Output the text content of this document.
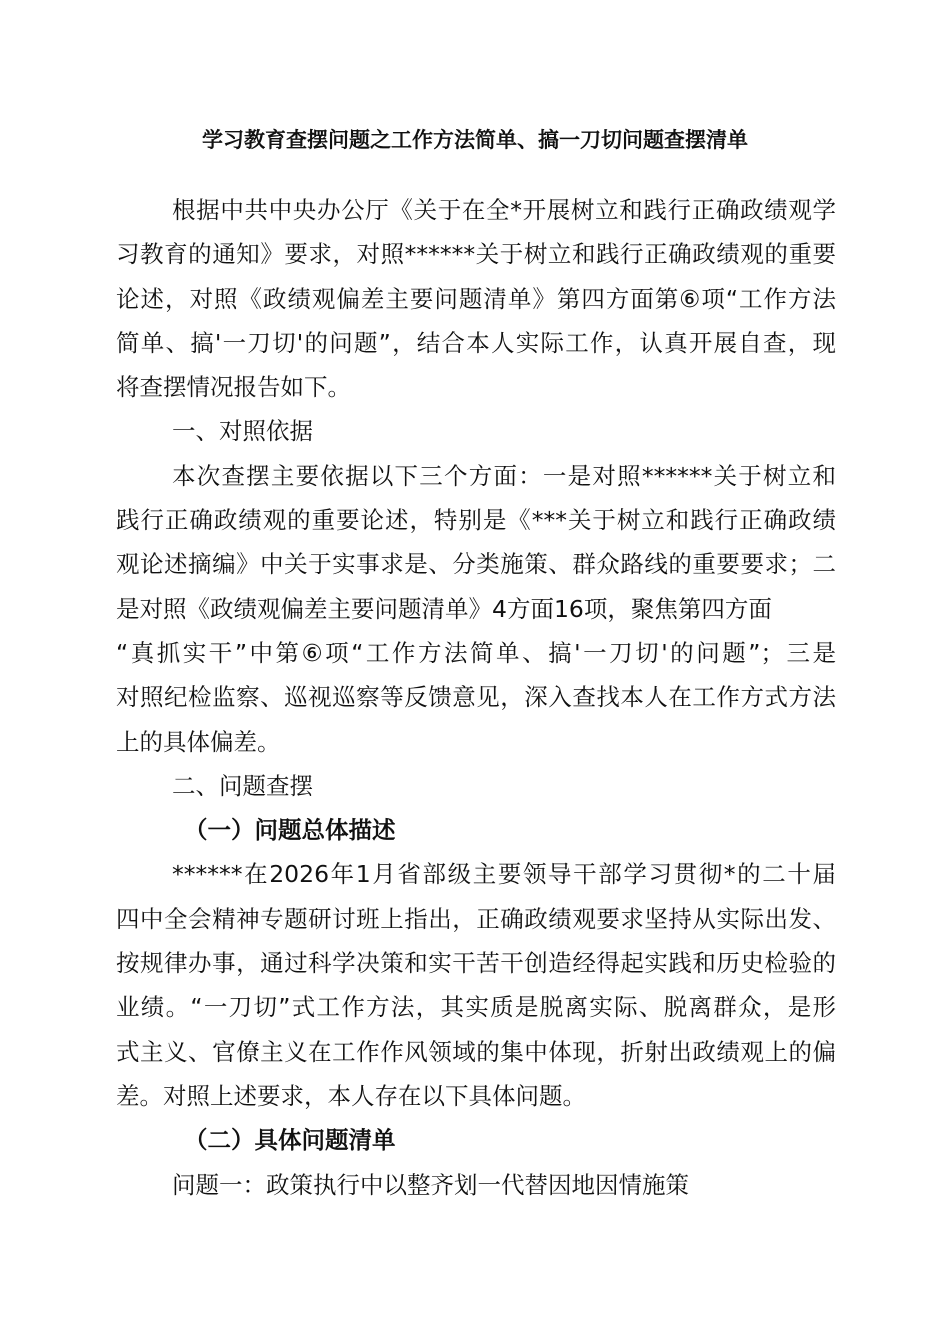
学习教育查摆问题之工作方法简单、搞一刀切问题查摆清单
根据中共中央办公厅《关于在全*开展树立和践行正确政绩观学
习教育的通知》要求，对照******关于树立和践行正确政绩观的重要
论述，对照《政绩观偏差主要问题清单》第四方面第⑥项“工作方法
简单、搞'一刀切'的问题”，结合本人实际工作，认真开展自查，现
将查摆情况报告如下。
一、对照依据
本次查摆主要依据以下三个方面：一是对照******关于树立和
践行正确政绩观的重要论述，特别是《***关于树立和践行正确政绩
观论述摘编》中关于实事求是、分类施策、群众路线的重要要求；二
是对照《政绩观偏差主要问题清单》4方面16项，聚焦第四方面
“真抓实干”中第⑥项“工作方法简单、搞'一刀切'的问题”；三是
对照纪检监察、巡视巡察等反馈意见，深入查找本人在工作方式方法
上的具体偏差。
二、问题查摆
（一）问题总体描述
******在2026年1月省部级主要领导干部学习贯彻*的二十届
四中全会精神专题研讨班上指出，正确政绩观要求坚持从实际出发、
按规律办事，通过科学决策和实干苦干创造经得起实践和历史检验的
业绩。“一刀切”式工作方法，其实质是脱离实际、脱离群众，是形
式主义、官僚主义在工作作风领域的集中体现，折射出政绩观上的偏
差。对照上述要求，本人存在以下具体问题。
（二）具体问题清单
问题一：政策执行中以整齐划一代替因地因情施策
